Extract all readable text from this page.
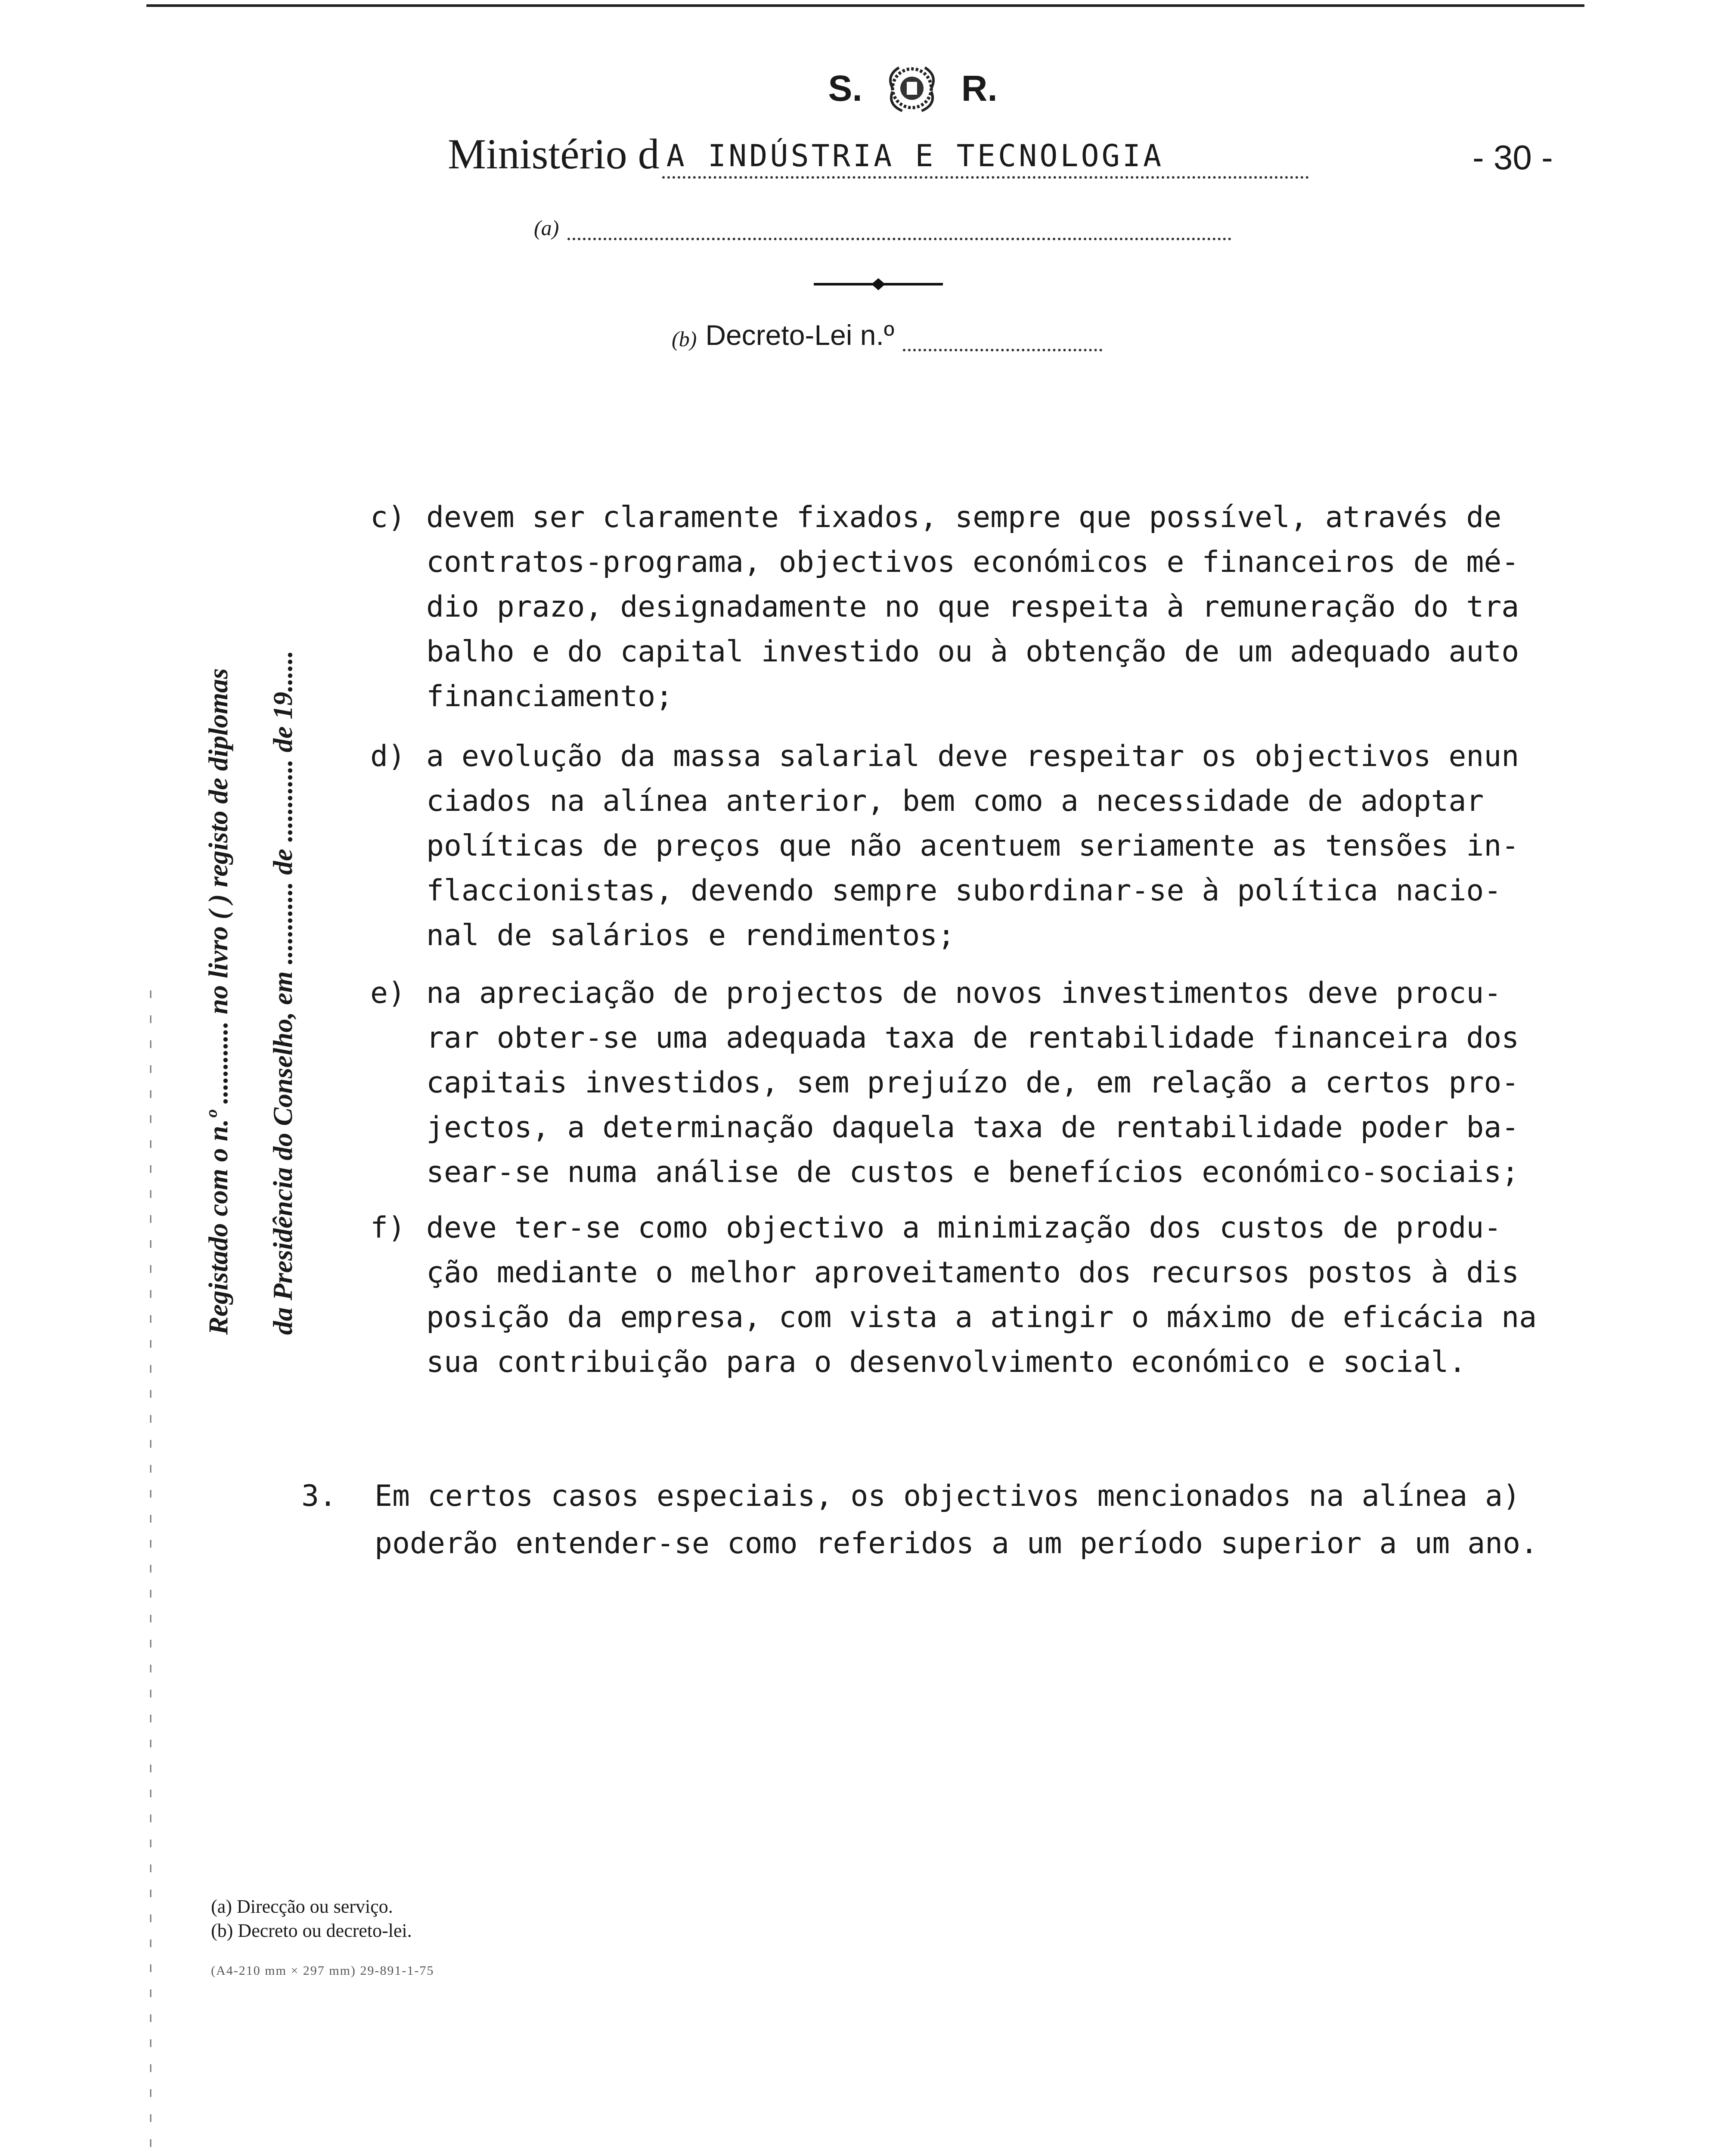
S.	R.
Ministério d A INDÚSTRIA E TECNOLOGIA	- 30 -
(a)
(b) Decreto-Lei n.º
Registado com o n.º ............ no livro ( ) registo de diplomas da Presidência do Conselho, em ............ de ............ de 19......
c) devem ser claramente fixados, sempre que possível, através de
contratos-programa, objectivos económicos e financeiros de mé-
dio prazo, designadamente no que respeita à remuneração do tra
balho e do capital investido ou à obtenção de um adequado auto
financiamento;
d) a evolução da massa salarial deve respeitar os objectivos enun
ciados na alínea anterior, bem como a necessidade de adoptar
políticas de preços que não acentuem seriamente as tensões in-
flaccionistas, devendo sempre subordinar-se à política nacio-
nal de salários e rendimentos;
e) na apreciação de projectos de novos investimentos deve procu-
rar obter-se uma adequada taxa de rentabilidade financeira dos
capitais investidos, sem prejuízo de, em relação a certos pro-
jectos, a determinação daquela taxa de rentabilidade poder ba-
sear-se numa análise de custos e benefícios económico-sociais;
f) deve ter-se como objectivo a minimização dos custos de produ-
ção mediante o melhor aproveitamento dos recursos postos à dis
posição da empresa, com vista a atingir o máximo de eficácia na
sua contribuição para o desenvolvimento económico e social.
3. Em certos casos especiais, os objectivos mencionados na alínea a)
poderão entender-se como referidos a um período superior a um ano.
(a) Direcção ou serviço.
(b) Decreto ou decreto-lei.
(A4-210 mm × 297 mm) 29-891-1-75
